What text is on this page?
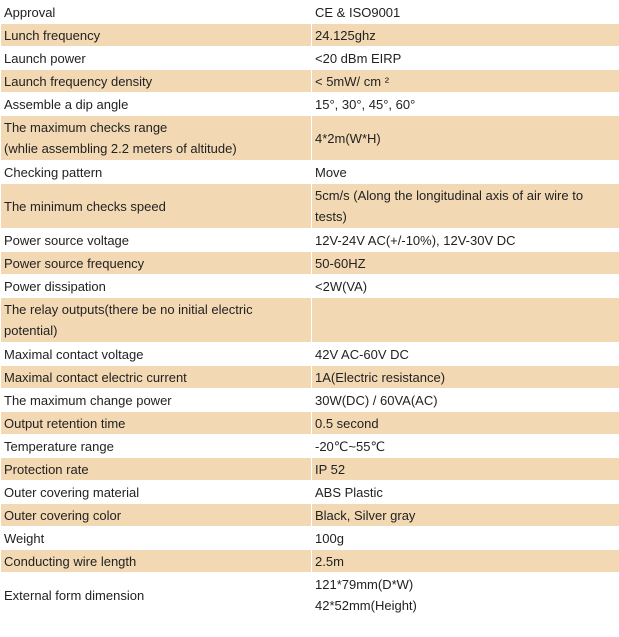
Approval	CE & ISO9001
Lunch frequency	24.125ghz
Launch power	<20 dBm EIRP
Launch frequency density	< 5mW/ cm ²
Assemble a dip angle	15°, 30°, 45°, 60°
The maximum checks range
(whlie assembling 2.2 meters of altitude)	4*2m(W*H)
Checking pattern	Move
The minimum checks speed	5cm/s (Along the longitudinal axis of air wire to tests)
Power source voltage	12V-24V AC(+/-10%), 12V-30V DC
Power source frequency	50-60HZ
Power dissipation	<2W(VA)
The relay outputs(there be no initial electric potential)	
Maximal contact voltage	42V AC-60V DC
Maximal contact electric current	1A(Electric resistance)
The maximum change power	30W(DC) / 60VA(AC)
Output retention time	0.5 second
Temperature range	-20℃~55℃
Protection rate	IP 52
Outer covering material	ABS Plastic
Outer covering color	Black, Silver gray
Weight	100g
Conducting wire length	2.5m
External form dimension	121*79mm(D*W)
42*52mm(Height)
